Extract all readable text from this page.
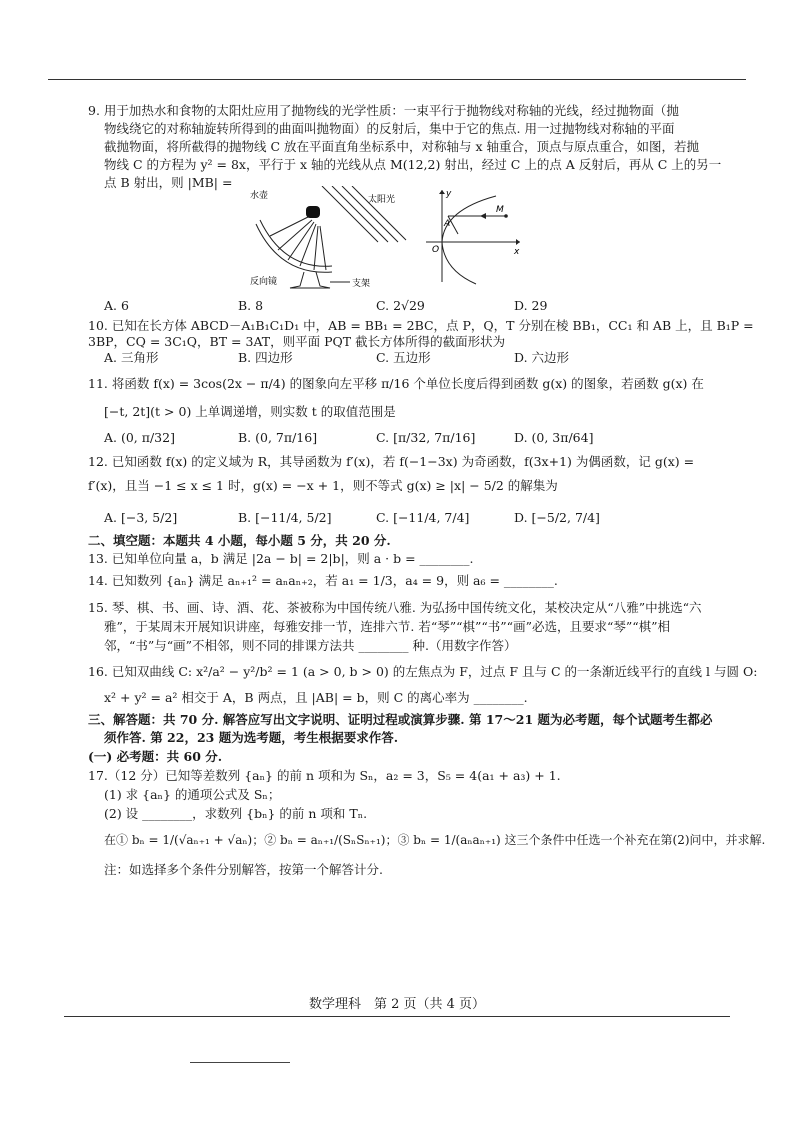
9. 用于加热水和食物的太阳灶应用了抛物线的光学性质：一束平行于抛物线对称轴的光线，经过抛物面（抛
物线绕它的对称轴旋转所得到的曲面叫抛物面）的反射后，集中于它的焦点. 用一过抛物线对称轴的平面
截抛物面，将所截得的抛物线 C 放在平面直角坐标系中，对称轴与 x 轴重合，顶点与原点重合，如图，若抛
物线 C 的方程为 y² = 8x，平行于 x 轴的光线从点 M(12,2) 射出，经过 C 上的点 A 反射后，再从 C 上的另一
点 B 射出，则 |MB| =
水壶	太阳光
反向镜	支架
y
x
O
A
M
A. 6	B. 8	C. 2√29	D. 29
10. 已知在长方体 ABCD－A₁B₁C₁D₁ 中，AB = BB₁ = 2BC，点 P，Q，T 分别在棱 BB₁，CC₁ 和 AB 上，且 B₁P =
3BP，CQ = 3C₁Q，BT = 3AT，则平面 PQT 截长方体所得的截面形状为
A. 三角形	B. 四边形	C. 五边形	D. 六边形
11. 将函数 f(x) = 3cos(2x − π/4) 的图象向左平移 π/16 个单位长度后得到函数 g(x) 的图象，若函数 g(x) 在
[−t, 2t](t > 0) 上单调递增，则实数 t 的取值范围是
A. (0, π/32]	B. (0, 7π/16]	C. [π/32, 7π/16]	D. (0, 3π/64]
12. 已知函数 f(x) 的定义域为 R，其导函数为 f′(x)，若 f(−1−3x) 为奇函数，f(3x+1) 为偶函数，记 g(x) =
f′(x)，且当 −1 ≤ x ≤ 1 时，g(x) = −x + 1，则不等式 g(x) ≥ |x| − 5/2 的解集为
A. [−3, 5/2]	B. [−11/4, 5/2]	C. [−11/4, 7/4]	D. [−5/2, 7/4]
二、填空题：本题共 4 小题，每小题 5 分，共 20 分.
13. 已知单位向量 a，b 满足 |2a − b| = 2|b|，则 a · b = ________.
14. 已知数列 {aₙ} 满足 aₙ₊₁² = aₙaₙ₊₂，若 a₁ = 1/3，a₄ = 9，则 a₆ = ________.
15. 琴、棋、书、画、诗、酒、花、茶被称为中国传统八雅. 为弘扬中国传统文化，某校决定从“八雅”中挑选“六
雅”，于某周末开展知识讲座，每雅安排一节，连排六节. 若“琴”“棋”“书”“画”必选，且要求“琴”“棋”相
邻，“书”与“画”不相邻，则不同的排课方法共 ________ 种.（用数字作答）
16. 已知双曲线 C: x²/a² − y²/b² = 1 (a > 0, b > 0) 的左焦点为 F，过点 F 且与 C 的一条渐近线平行的直线 l 与圆 O:
x² + y² = a² 相交于 A，B 两点，且 |AB| = b，则 C 的离心率为 ________.
三、解答题：共 70 分. 解答应写出文字说明、证明过程或演算步骤. 第 17～21 题为必考题，每个试题考生都必
须作答. 第 22，23 题为选考题，考生根据要求作答.
(一) 必考题：共 60 分.
17.（12 分）已知等差数列 {aₙ} 的前 n 项和为 Sₙ，a₂ = 3，S₅ = 4(a₁ + a₃) + 1.
(1) 求 {aₙ} 的通项公式及 Sₙ；
(2) 设 ________，求数列 {bₙ} 的前 n 项和 Tₙ.
在① bₙ = 1/(√aₙ₊₁ + √aₙ)；② bₙ = aₙ₊₁/(SₙSₙ₊₁)；③ bₙ = 1/(aₙaₙ₊₁) 这三个条件中任选一个补充在第(2)问中，并求解.
注：如选择多个条件分别解答，按第一个解答计分.
数学理科　第 2 页（共 4 页）
